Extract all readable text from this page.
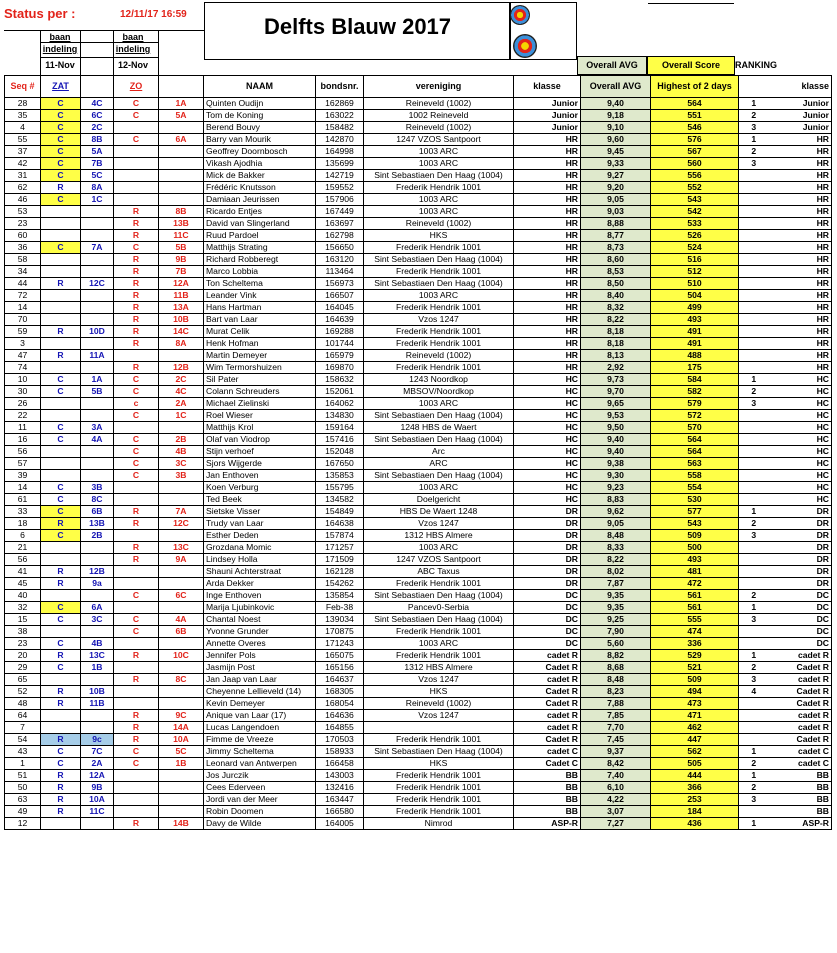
Status per :	12/11/17 16:59	Delfts Blauw 2017
baan
indeling
11-Nov
baan
indeling
12-Nov	Overall AVG	Overall Score	RANKING
Seq #	ZAT		ZO		NAAM	bondsnr.	vereniging	klasse	Overall AVG	Highest of 2 days		klasse
28	C	4C	C	1A	Quinten Oudijn	162869	Reineveld (1002)	Junior	9,40	564	1	Junior
35	C	6C	C	5A	Tom de Koning	163022	1002 Reineveld	Junior	9,18	551	2	Junior
4	C	2C			Berend Bouvy	158482	Reineveld (1002)	Junior	9,10	546	3	Junior
55	C	8B	C	6A	Barry van Mourik	142870	1247 VZOS Santpoort	HR	9,60	576	1	HR
37	C	5A			Geoffrey Doornbosch	164998	1003 ARC	HR	9,45	567	2	HR
42	C	7B			Vikash Ajodhia	135699	1003 ARC	HR	9,33	560	3	HR
31	C	5C			Mick de Bakker	142719	Sint Sebastiaen Den Haag (1004)	HR	9,27	556		HR
62	R	8A			Frédéric Knutsson	159552	Frederik Hendrik 1001	HR	9,20	552		HR
46	C	1C			Damiaan Jeurissen	157906	1003 ARC	HR	9,05	543		HR
53			R	8B	Ricardo Entjes	167449	1003 ARC	HR	9,03	542		HR
23			R	13B	David van Slingerland	163697	Reineveld (1002)	HR	8,88	533		HR
60			R	11C	Ruud Pardoel	162798	HKS	HR	8,77	526		HR
36	C	7A	C	5B	Matthijs Strating	156650	Frederik Hendrik 1001	HR	8,73	524		HR
58			R	9B	Richard Robberegt	163120	Sint Sebastiaen Den Haag (1004)	HR	8,60	516		HR
34			R	7B	Marco Lobbia	113464	Frederik Hendrik 1001	HR	8,53	512		HR
44	R	12C	R	12A	Ton Scheltema	156973	Sint Sebastiaen Den Haag (1004)	HR	8,50	510		HR
72			R	11B	Leander Vink	166507	1003 ARC	HR	8,40	504		HR
14			R	13A	Hans Hartman	164045	Frederik Hendrik 1001	HR	8,32	499		HR
70			R	10B	Bart van Laar	164639	Vzos 1247	HR	8,22	493		HR
59	R	10D	R	14C	Murat Celik	169288	Frederik Hendrik 1001	HR	8,18	491		HR
3			R	8A	Henk Hofman	101744	Frederik Hendrik 1001	HR	8,18	491		HR
47	R	11A			Martin Demeyer	165979	Reineveld (1002)	HR	8,13	488		HR
74			R	12B	Wim Termorshuizen	169870	Frederik Hendrik 1001	HR	2,92	175		HR
10	C	1A	C	2C	Sil Pater	158632	1243 Noordkop	HC	9,73	584	1	HC
30	C	5B	C	4C	Colann Schreuders	152061	MBSOV/Noordkop	HC	9,70	582	2	HC
26			c	2A	Michael Zielinski	164062	1003 ARC	HC	9,65	579	3	HC
22			C	1C	Roel Wieser	134830	Sint Sebastiaen Den Haag (1004)	HC	9,53	572		HC
11	C	3A			Matthijs Krol	159164	1248 HBS de Waert	HC	9,50	570		HC
16	C	4A	C	2B	Olaf van Viodrop	157416	Sint Sebastiaen Den Haag (1004)	HC	9,40	564		HC
56			C	4B	Stijn verhoef	152048	Arc	HC	9,40	564		HC
57			C	3C	Sjors Wijgerde	167650	ARC	HC	9,38	563		HC
39			C	3B	Jan Enthoven	135853	Sint Sebastiaen Den Haag (1004)	HC	9,30	558		HC
14	C	3B			Koen Verburg	155795	1003 ARC	HC	9,23	554		HC
61	C	8C			Ted Beek	134582	Doelgericht	HC	8,83	530		HC
33	C	6B	R	7A	Sietske Visser	154849	HBS De Waert 1248	DR	9,62	577	1	DR
18	R	13B	R	12C	Trudy van Laar	164638	Vzos 1247	DR	9,05	543	2	DR
6	C	2B			Esther Deden	157874	1312 HBS Almere	DR	8,48	509	3	DR
21			R	13C	Grozdana Momic	171257	1003 ARC	DR	8,33	500		DR
56			R	9A	Lindsey Holla	171509	1247 VZOS Santpoort	DR	8,22	493		DR
41	R	12B			Shauni Achterstraat	162128	ABC Taxus	DR	8,02	481		DR
45	R	9a			Arda Dekker	154262	Frederik Hendrik 1001	DR	7,87	472		DR
40			C	6C	Inge Enthoven	135854	Sint Sebastiaen Den Haag (1004)	DC	9,35	561	2	DC
32	C	6A			Marija Ljubinkovic	Feb-38	Pancev0-Serbia	DC	9,35	561	1	DC
15	C	3C	C	4A	Chantal Noest	139034	Sint Sebastiaen Den Haag (1004)	DC	9,25	555	3	DC
38			C	6B	Yvonne Grunder	170875	Frederik Hendrik 1001	DC	7,90	474		DC
23	C	4B			Annette Overes	171243	1003 ARC	DC	5,60	336		DC
20	R	13C	R	10C	Jennifer Pols	165075	Frederik Hendrik 1001	cadet R	8,82	529	1	cadet R
29	C	1B			Jasmijn Post	165156	1312 HBS Almere	Cadet R	8,68	521	2	Cadet R
65			R	8C	Jan Jaap van Laar	164637	Vzos 1247	cadet R	8,48	509	3	cadet R
52	R	10B			Cheyenne Lellieveld (14)	168305	HKS	Cadet R	8,23	494	4	Cadet R
48	R	11B			Kevin Demeyer	168054	Reineveld (1002)	Cadet R	7,88	473		Cadet R
64			R	9C	Anique van Laar (17)	164636	Vzos 1247	cadet R	7,85	471		cadet R
7			R	14A	Lucas Langendoen	164855		cadet R	7,70	462		cadet R
54	R	9c	R	10A	Fimme de Vreeze	170503	Frederik Hendrik 1001	Cadet R	7,45	447		Cadet R
43	C	7C	C	5C	Jimmy Scheltema	158933	Sint Sebastiaen Den Haag (1004)	cadet C	9,37	562	1	cadet C
1	C	2A	C	1B	Leonard van Antwerpen	166458	HKS	Cadet C	8,42	505	2	cadet C
51	R	12A			Jos Jurczik	143003	Frederik Hendrik 1001	BB	7,40	444	1	BB
50	R	9B			Cees Ederveen	132416	Frederik Hendrik 1001	BB	6,10	366	2	BB
63	R	10A			Jordi van der Meer	163447	Frederik Hendrik 1001	BB	4,22	253	3	BB
49	R	11C			Robin Doomen	166580	Frederik Hendrik 1001	BB	3,07	184		BB
12			R	14B	Davy de Wilde	164005	Nimrod	ASP-R	7,27	436	1	ASP-R
